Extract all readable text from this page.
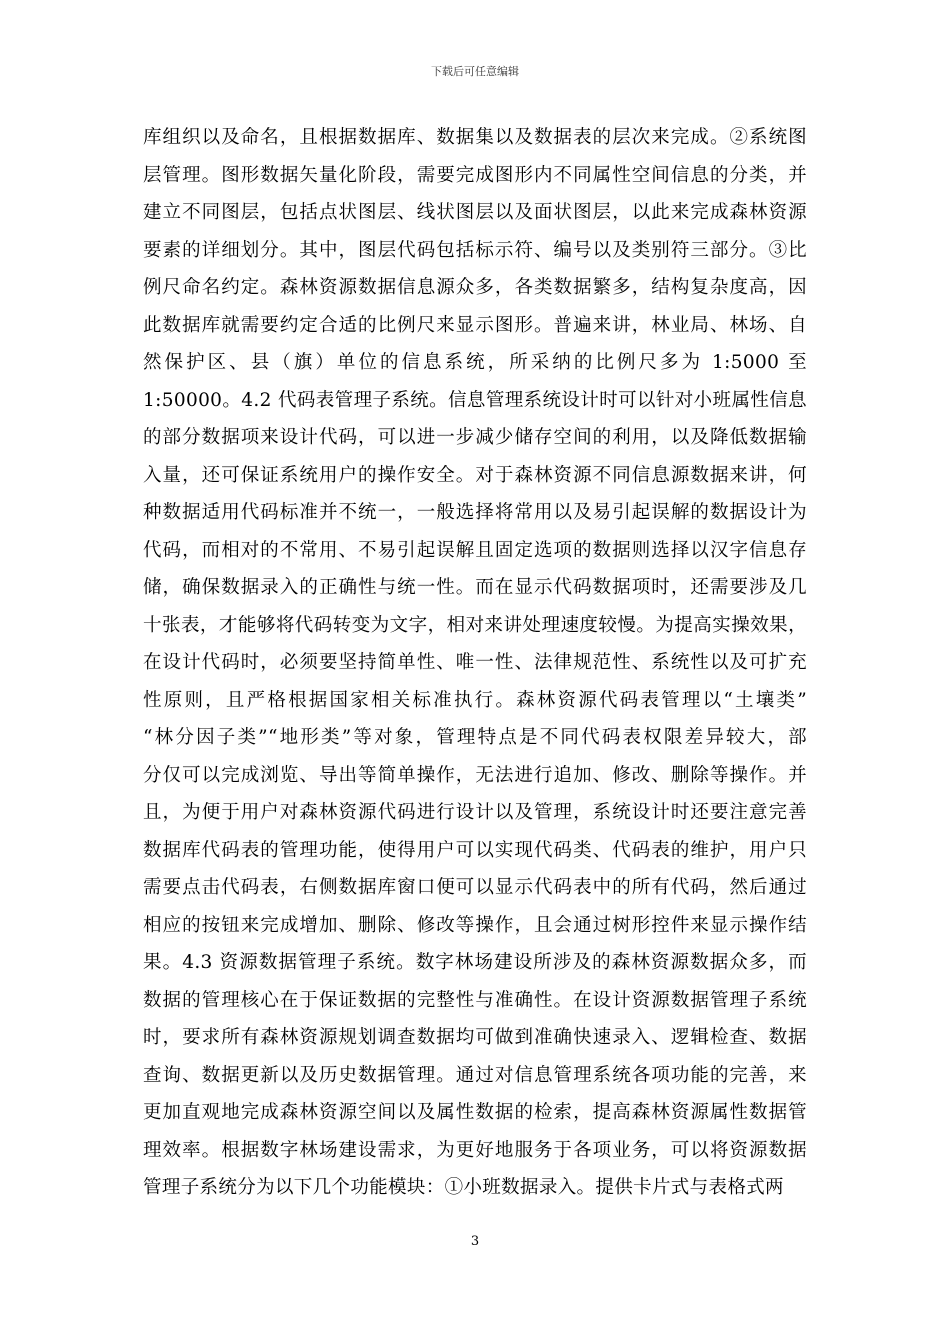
下载后可任意编辑
库组织以及命名，且根据数据库、数据集以及数据表的层次来完成。②系统图
层管理。图形数据矢量化阶段，需要完成图形内不同属性空间信息的分类，并
建立不同图层，包括点状图层、线状图层以及面状图层，以此来完成森林资源
要素的详细划分。其中，图层代码包括标示符、编号以及类别符三部分。③比
例尺命名约定。森林资源数据信息源众多，各类数据繁多，结构复杂度高，因
此数据库就需要约定合适的比例尺来显示图形。普遍来讲，林业局、林场、自
然保护区、县（旗）单位的信息系统，所采纳的比例尺多为 1:5000 至
1:50000。4.2 代码表管理子系统。信息管理系统设计时可以针对小班属性信息
的部分数据项来设计代码，可以进一步减少储存空间的利用，以及降低数据输
入量，还可保证系统用户的操作安全。对于森林资源不同信息源数据来讲，何
种数据适用代码标准并不统一，一般选择将常用以及易引起误解的数据设计为
代码，而相对的不常用、不易引起误解且固定选项的数据则选择以汉字信息存
储，确保数据录入的正确性与统一性。而在显示代码数据项时，还需要涉及几
十张表，才能够将代码转变为文字，相对来讲处理速度较慢。为提高实操效果，
在设计代码时，必须要坚持简单性、唯一性、法律规范性、系统性以及可扩充
性原则，且严格根据国家相关标准执行。森林资源代码表管理以“土壤类”
“林分因子类”“地形类”等对象，管理特点是不同代码表权限差异较大，部
分仅可以完成浏览、导出等简单操作，无法进行追加、修改、删除等操作。并
且，为便于用户对森林资源代码进行设计以及管理，系统设计时还要注意完善
数据库代码表的管理功能，使得用户可以实现代码类、代码表的维护，用户只
需要点击代码表，右侧数据库窗口便可以显示代码表中的所有代码，然后通过
相应的按钮来完成增加、删除、修改等操作，且会通过树形控件来显示操作结
果。4.3 资源数据管理子系统。数字林场建设所涉及的森林资源数据众多，而
数据的管理核心在于保证数据的完整性与准确性。在设计资源数据管理子系统
时，要求所有森林资源规划调查数据均可做到准确快速录入、逻辑检查、数据
查询、数据更新以及历史数据管理。通过对信息管理系统各项功能的完善，来
更加直观地完成森林资源空间以及属性数据的检索，提高森林资源属性数据管
理效率。根据数字林场建设需求，为更好地服务于各项业务，可以将资源数据
管理子系统分为以下几个功能模块：①小班数据录入。提供卡片式与表格式两
3
